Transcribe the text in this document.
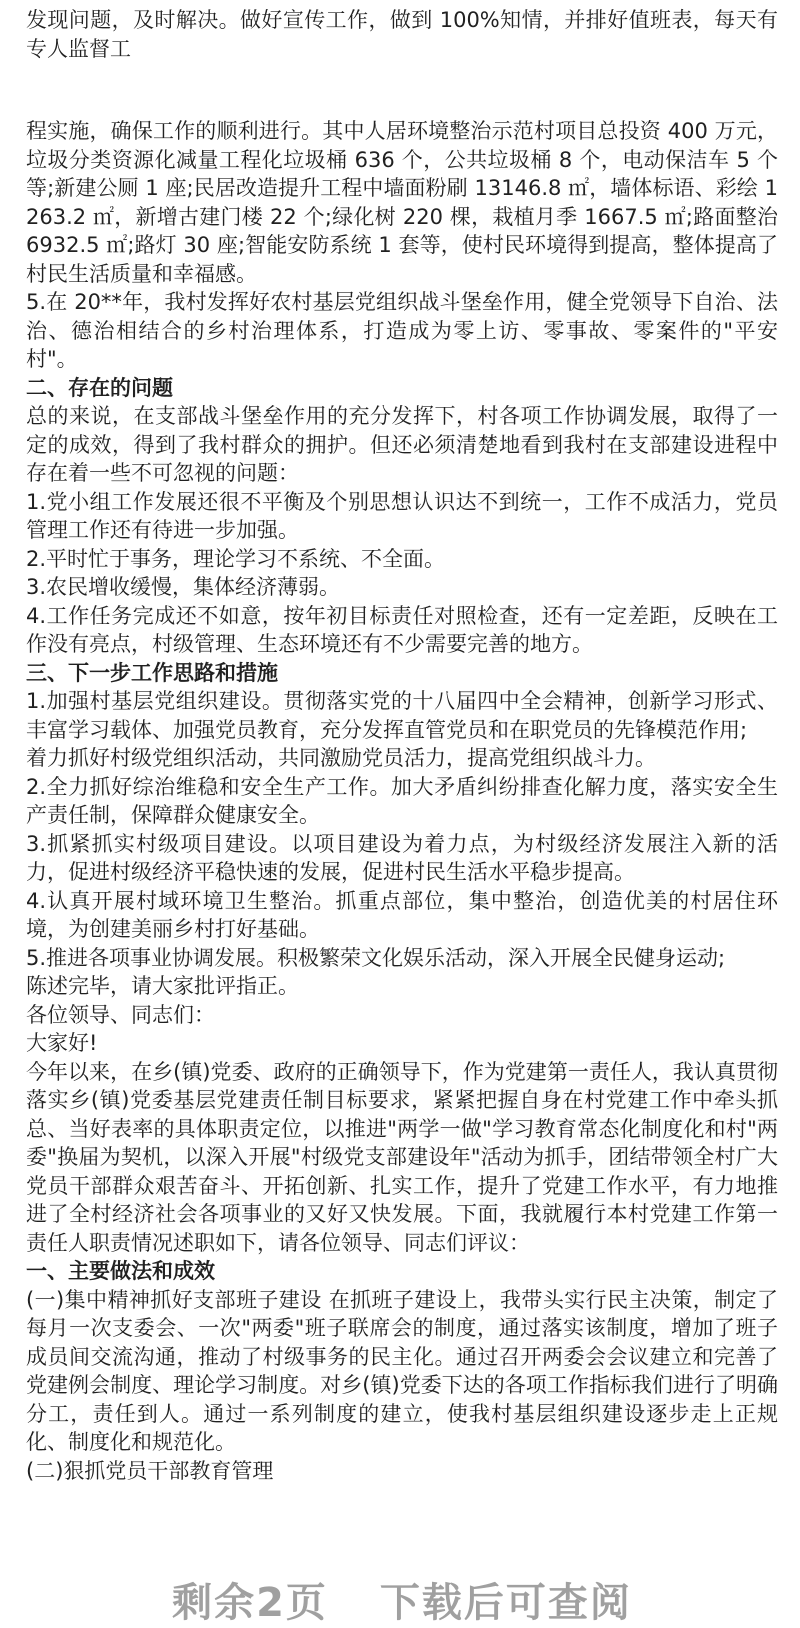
发现问题，及时解决。做好宣传工作，做到 100%知情，并排好值班表，每天有专人监督工

程实施，确保工作的顺利进行。其中人居环境整治示范村项目总投资 400 万元，垃圾分类资源化减量工程化垃圾桶 636 个，公共垃圾桶 8 个，电动保洁车 5 个等;新建公厕 1 座;民居改造提升工程中墙面粉刷 13146.8 ㎡，墙体标语、彩绘 1263.2 ㎡，新增古建门楼 22 个;绿化树 220 棵，栽植月季 1667.5 ㎡;路面整治 6932.5 ㎡;路灯 30 座;智能安防系统 1 套等，使村民环境得到提高，整体提高了村民生活质量和幸福感。

5.在 20**年，我村发挥好农村基层党组织战斗堡垒作用，健全党领导下自治、法治、德治相结合的乡村治理体系，打造成为零上访、零事故、零案件的"平安村"。

二、存在的问题

总的来说，在支部战斗堡垒作用的充分发挥下，村各项工作协调发展，取得了一定的成效，得到了我村群众的拥护。但还必须清楚地看到我村在支部建设进程中存在着一些不可忽视的问题：

1.党小组工作发展还很不平衡及个别思想认识达不到统一，工作不成活力，党员管理工作还有待进一步加强。

2.平时忙于事务，理论学习不系统、不全面。

3.农民增收缓慢，集体经济薄弱。

4.工作任务完成还不如意，按年初目标责任对照检查，还有一定差距，反映在工作没有亮点，村级管理、生态环境还有不少需要完善的地方。

三、下一步工作思路和措施

1.加强村基层党组织建设。贯彻落实党的十八届四中全会精神，创新学习形式、丰富学习载体、加强党员教育，充分发挥直管党员和在职党员的先锋模范作用;

着力抓好村级党组织活动，共同激励党员活力，提高党组织战斗力。

2.全力抓好综治维稳和安全生产工作。加大矛盾纠纷排查化解力度，落实安全生产责任制，保障群众健康安全。

3.抓紧抓实村级项目建设。以项目建设为着力点，为村级经济发展注入新的活力，促进村级经济平稳快速的发展，促进村民生活水平稳步提高。

4.认真开展村域环境卫生整治。抓重点部位，集中整治，创造优美的村居住环境，为创建美丽乡村打好基础。

5.推进各项事业协调发展。积极繁荣文化娱乐活动，深入开展全民健身运动;

陈述完毕，请大家批评指正。

各位领导、同志们：

大家好!

今年以来，在乡(镇)党委、政府的正确领导下，作为党建第一责任人，我认真贯彻落实乡(镇)党委基层党建责任制目标要求，紧紧把握自身在村党建工作中牵头抓总、当好表率的具体职责定位，以推进"两学一做"学习教育常态化制度化和村"两委"换届为契机，以深入开展"村级党支部建设年"活动为抓手，团结带领全村广大党员干部群众艰苦奋斗、开拓创新、扎实工作，提升了党建工作水平，有力地推进了全村经济社会各项事业的又好又快发展。下面，我就履行本村党建工作第一责任人职责情况述职如下，请各位领导、同志们评议：

一、主要做法和成效

(一)集中精神抓好支部班子建设 在抓班子建设上，我带头实行民主决策，制定了每月一次支委会、一次"两委"班子联席会的制度，通过落实该制度，增加了班子成员间交流沟通，推动了村级事务的民主化。通过召开两委会会议建立和完善了党建例会制度、理论学习制度。对乡(镇)党委下达的各项工作指标我们进行了明确分工，责任到人。通过一系列制度的建立，使我村基层组织建设逐步走上正规化、制度化和规范化。

(二)狠抓党员干部教育管理

剩余2页 下载后可查阅
